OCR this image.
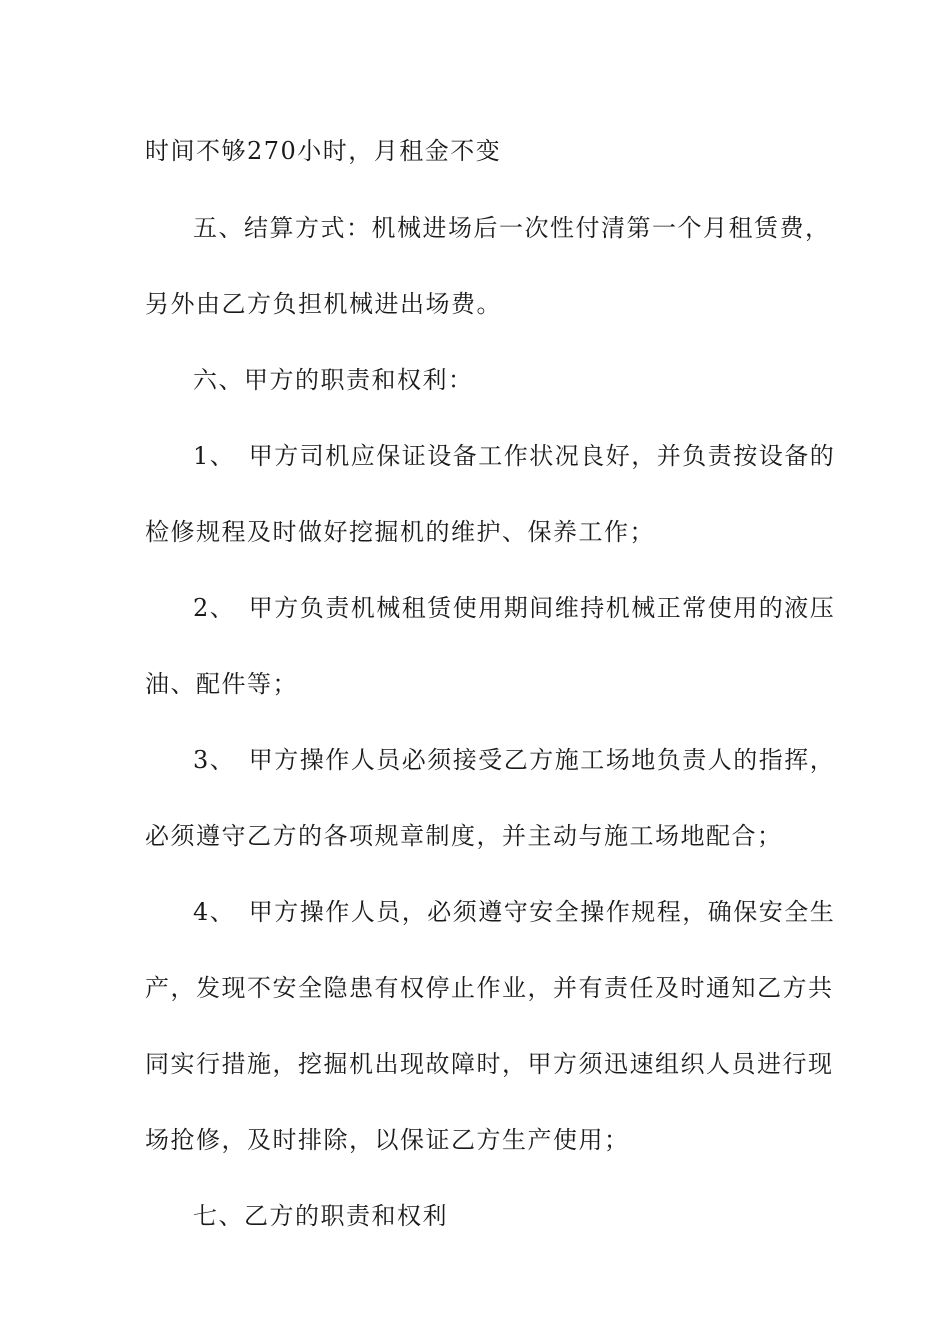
时间不够270小时，月租金不变
五、结算方式：机械进场后一次性付清第一个月租赁费，
另外由乙方负担机械进出场费。
六、甲方的职责和权利：
1、　甲方司机应保证设备工作状况良好，并负责按设备的
检修规程及时做好挖掘机的维护、保养工作；
2、　甲方负责机械租赁使用期间维持机械正常使用的液压
油、配件等；
3、　甲方操作人员必须接受乙方施工场地负责人的指挥，
必须遵守乙方的各项规章制度，并主动与施工场地配合；
4、　甲方操作人员，必须遵守安全操作规程，确保安全生
产，发现不安全隐患有权停止作业，并有责任及时通知乙方共
同实行措施，挖掘机出现故障时，甲方须迅速组织人员进行现
场抢修，及时排除，以保证乙方生产使用；
七、乙方的职责和权利
